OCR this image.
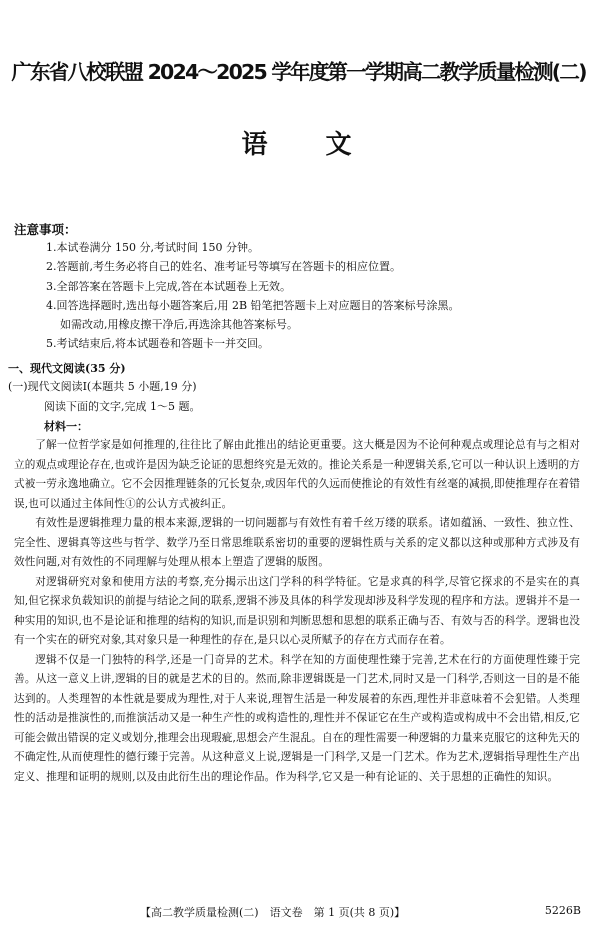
广东省八校联盟 2024～2025 学年度第一学期高二教学质量检测(二)
语文
注意事项：
1.本试卷满分 150 分,考试时间 150 分钟。
2.答题前,考生务必将自己的姓名、准考证号等填写在答题卡的相应位置。
3.全部答案在答题卡上完成,答在本试题卷上无效。
4.回答选择题时,选出每小题答案后,用 2B 铅笔把答题卡上对应题目的答案标号涂黑。
如需改动,用橡皮擦干净后,再选涂其他答案标号。
5.考试结束后,将本试题卷和答题卡一并交回。
一、现代文阅读(35 分)
(一)现代文阅读Ⅰ(本题共 5 小题,19 分)
阅读下面的文字,完成 1～5 题。
材料一：

了解一位哲学家是如何推理的,往往比了解由此推出的结论更重要。这大概是因为不论何种观点或理论总有与之相对立的观点或理论存在,也或许是因为缺乏论证的思想终究是无效的。推论关系是一种逻辑关系,它可以一种认识上透明的方式被一劳永逸地确立。它不会因推理链条的冗长复杂,或因年代的久远而使推论的有效性有丝毫的减损,即使推理存在着错误,也可以通过主体间性①的公认方式被纠正。

有效性是逻辑推理力量的根本来源,逻辑的一切问题都与有效性有着千丝万缕的联系。诸如蕴涵、一致性、独立性、完全性、逻辑真等这些与哲学、数学乃至日常思维联系密切的重要的逻辑性质与关系的定义都以这种或那种方式涉及有效性问题,对有效性的不同理解与处理从根本上塑造了逻辑的版图。

对逻辑研究对象和使用方法的考察,充分揭示出这门学科的科学特征。它是求真的科学,尽管它探求的不是实在的真知,但它探求负载知识的前提与结论之间的联系,逻辑不涉及具体的科学发现却涉及科学发现的程序和方法。逻辑并不是一种实用的知识,也不是论证和推理的结构的知识,而是识别和判断思想和思想的联系正确与否、有效与否的科学。逻辑也没有一个实在的研究对象,其对象只是一种理性的存在,是只以心灵所赋予的存在方式而存在着。

逻辑不仅是一门独特的科学,还是一门奇异的艺术。科学在知的方面使理性臻于完善,艺术在行的方面使理性臻于完善。从这一意义上讲,逻辑的目的就是艺术的目的。然而,除非逻辑既是一门艺术,同时又是一门科学,否则这一目的是不能达到的。人类理智的本性就是要成为理性,对于人来说,理智生活是一种发展着的东西,理性并非意味着不会犯错。人类理性的活动是推演性的,而推演活动又是一种生产性的或构造性的,理性并不保证它在生产或构造或构成中不会出错,相反,它可能会做出错误的定义或划分,推理会出现瑕疵,思想会产生混乱。自在的理性需要一种逻辑的力量来克服它的这种先天的不确定性,从而使理性的德行臻于完善。从这种意义上说,逻辑是一门科学,又是一门艺术。作为艺术,逻辑指导理性生产出定义、推理和证明的规则,以及由此衍生出的理论作品。作为科学,它又是一种有论证的、关于思想的正确性的知识。

【高二教学质量检测(二)　语文卷　第 1 页(共 8 页)】	5226B
